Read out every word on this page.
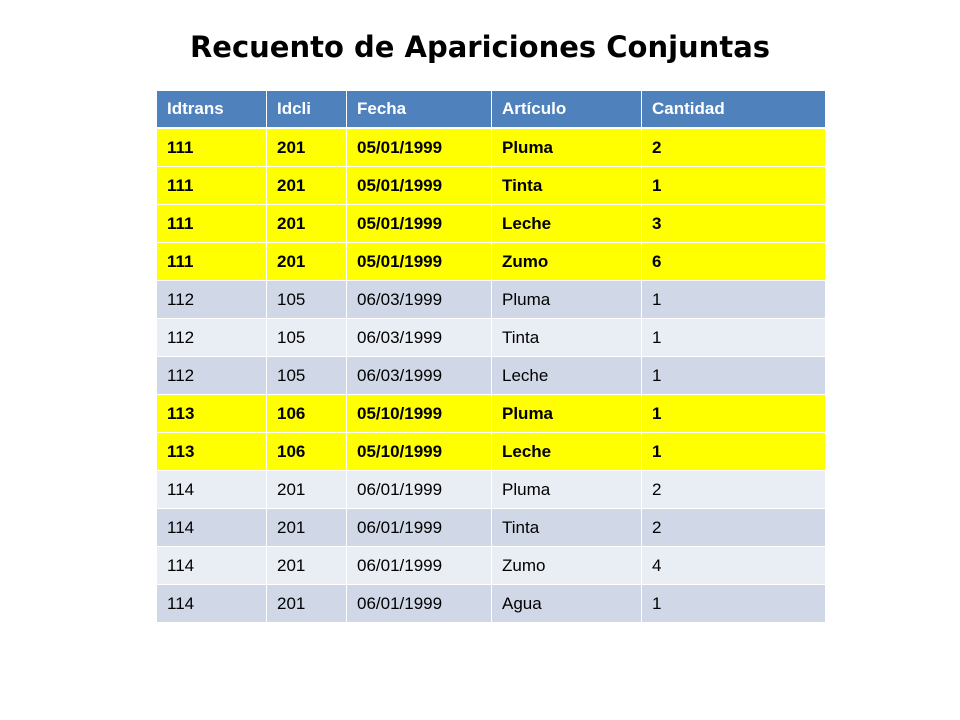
Recuento de Apariciones Conjuntas
Idtrans	Idcli	Fecha	Artículo	Cantidad
111	201	05/01/1999	Pluma	2
111	201	05/01/1999	Tinta	1
111	201	05/01/1999	Leche	3
111	201	05/01/1999	Zumo	6
112	105	06/03/1999	Pluma	1
112	105	06/03/1999	Tinta	1
112	105	06/03/1999	Leche	1
113	106	05/10/1999	Pluma	1
113	106	05/10/1999	Leche	1
114	201	06/01/1999	Pluma	2
114	201	06/01/1999	Tinta	2
114	201	06/01/1999	Zumo	4
114	201	06/01/1999	Agua	1
